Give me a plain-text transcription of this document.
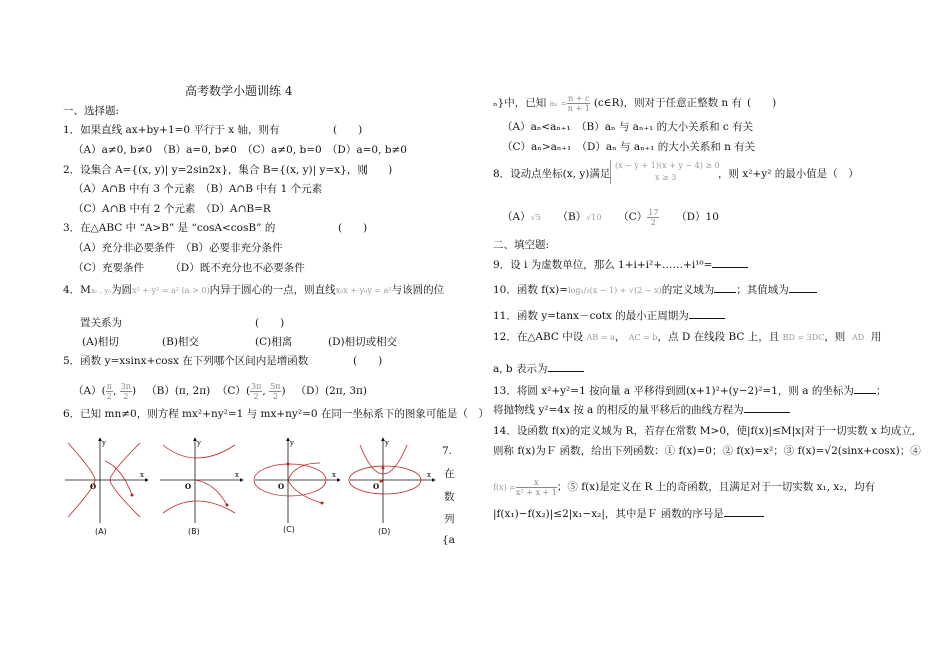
高考数学小题训练 4
一、选择题:
1．如果直线 ax+by+1=0 平行于 x 轴，则有	(　　)
（A）a≠0, b≠0　（B）a=0, b≠0　（C）a≠0, b=0　（D）a=0, b≠0
2．设集合 A={(x, y)| y=2sin2x}，集合 B={(x, y)| y=x}，则
(　　)
（A）A∩B 中有 3 个元素　（B）A∩B 中有 1 个元素
（C）A∩B 中有 2 个元素　（D）A∩B=R
3．在△ABC 中 “A>B” 是 “cosA<cosB” 的	(　　)
（A）充分非必要条件　（B）必要非充分条件
（C）充要条件　　　（D）既不充分也不必要条件
4．Mx₀ , y₀为圆x² + y² = a² (a > 0)内异于圆心的一点，则直线x₀x + y₀y = a²与该圆的位
置关系为	(　　)
(A)相切	(B)相交	(C)相离	(D)相切或相交
5．函数 y=xsinx+cosx 在下列哪个区间内是增函数	(　　)
$(A)( \frac{\pi}{2}$ , $\frac{3\pi}{2}$ )   （B）(π, 2π) $(C)( \frac{3\pi}{2}$ , $\frac{5\pi}{2}$ )   （D）(2π, 3π)
6．已知 mn≠0，则方程 mx²+ny²=1 与 mx+ny²=0 在同一坐标系下的图象可能是（　）
y
x
O
y
x
O
y
x
O
y
x
O
(A)	(B)	(C)	(D)
7.
在
数
列
{a
ₙ}中，已知 $a_n = \frac{n + c}{n + 1}$ (c∈R)，则对于任意正整数 n 有 (　　)
（A）aₙ<aₙ₊₁　（B）aₙ 与 aₙ₊₁ 的大小关系和 c 有关
（C）aₙ>aₙ₊₁　（D）aₙ 与 aₙ₊₁ 的大小关系和 n 有关
8．设动点坐标(x, y)满足
(x − y + 1)(x + y − 4) ≥ 0
x ≥ 3	，则 x²+y² 的最小值是（　）
（A）√5 （B）√10 $(C) \frac{17}{2} (D)10$
二、填空题:
9．设 i 为虚数单位，那么 1+i+i²+……+i¹⁰=
10．函数 f(x)=log₁/₂(x − 1) + √(2 − x)的定义域为 ；其值域为
11．函数 y=tanx－cotx 的最小正周期为
12．在△ABC 中设 AB = a， AC = b，点 D 在线段 BC 上，且 BD = 3DC，则 AD 用
a, b 表示为
13．将圆 x²+y²=1 按向量 a 平移得到圆(x+1)²+(y−2)²=1，则 a 的坐标为 ；
将抛物线 y²=4x 按 a 的相反的量平移后的曲线方程为
14．设函数 f(x)的定义域为 R，若存在常数 M>0，使|f(x)|≤M|x|对于一切实数 x 均成立,
则称 f(x)为Ｆ 函数，给出下列函数：① f(x)=0；② f(x)=x²；③ f(x)=√2(sinx+cosx)；④
$f(x) = \frac{x}{\text{x² + x + 1}}$ ；⑤ f(x)是定义在 R 上的奇函数，且满足对于一切实数 x₁, x₂，均有
|f(x₁)−f(x₂)|≤2|x₁−x₂|，其中是Ｆ 函数的序号是
